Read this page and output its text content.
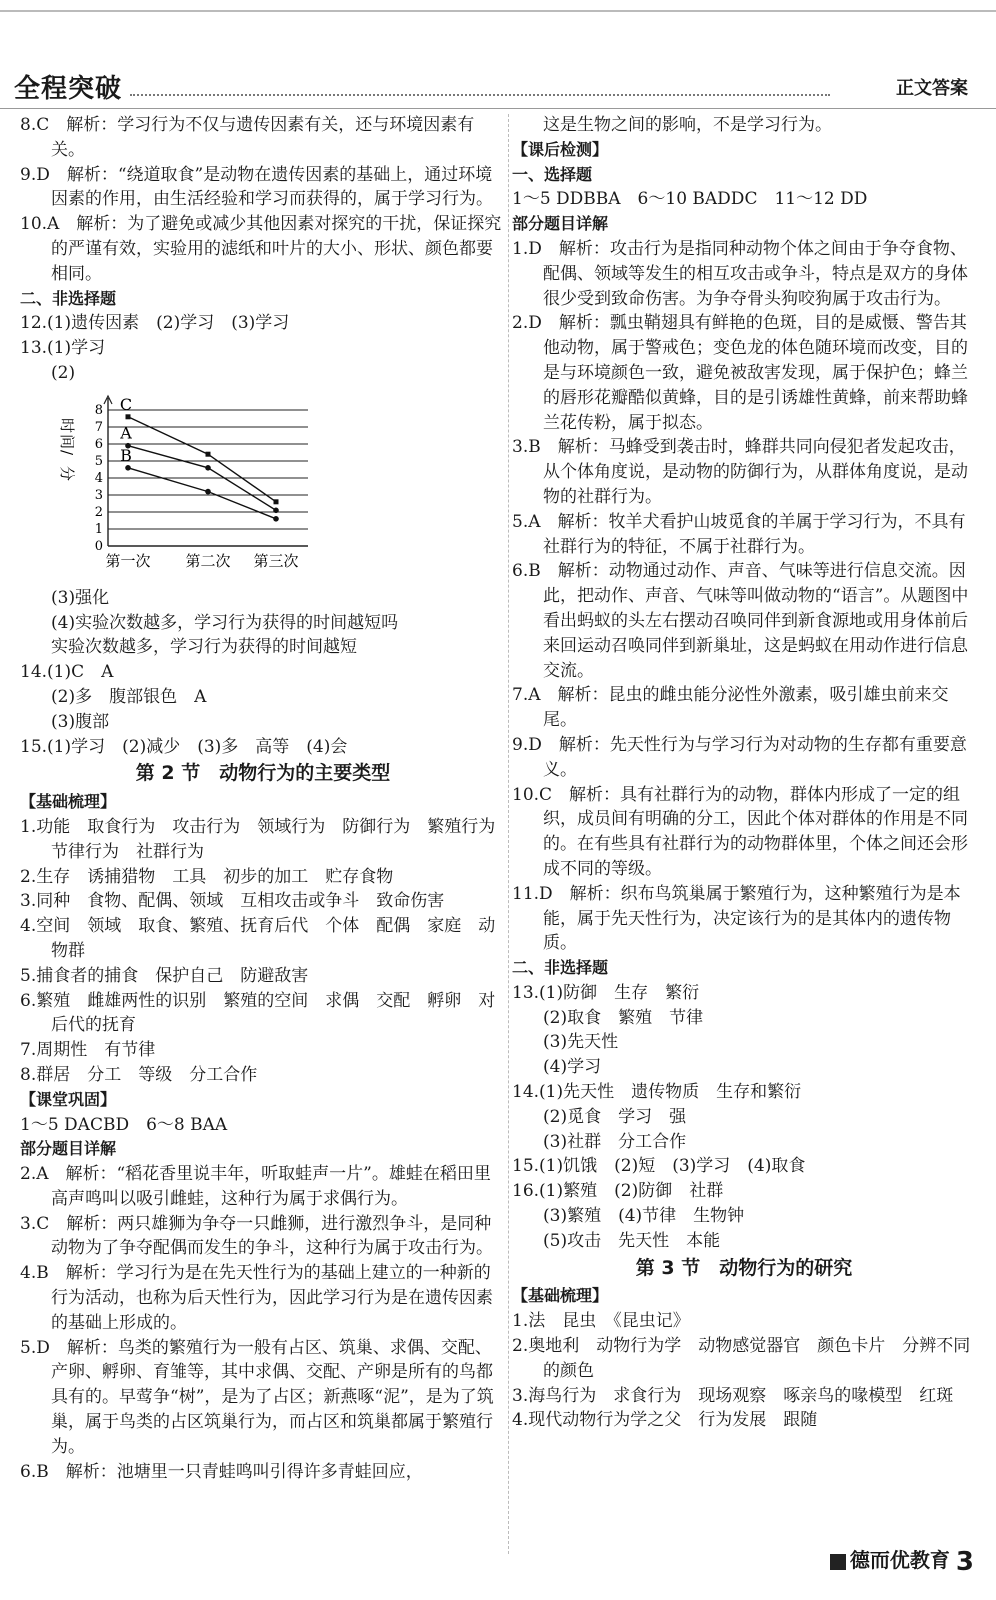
全程突破	正文答案
8.C　解析：学习行为不仅与遗传因素有关，还与环境因素有关。
9.D　解析：“绕道取食”是动物在遗传因素的基础上，通过环境因素的作用，由生活经验和学习而获得的，属于学习行为。
10.A　解析：为了避免或减少其他因素对探究的干扰，保证探究的严谨有效，实验用的滤纸和叶片的大小、形状、颜色都要相同。
二、非选择题
12.(1)遗传因素　(2)学习　(3)学习
13.(1)学习
(2)
0
1
2
3
4
5
6
7
8
时
间
/
分
第一次 第二次 第三次
C
A
B
(3)强化
(4)实验次数越多，学习行为获得的时间越短吗
实验次数越多，学习行为获得的时间越短
14.(1)C　A
(2)多　腹部银色　A
(3)腹部
15.(1)学习　(2)减少　(3)多　高等　(4)会
第 2 节　动物行为的主要类型
【基础梳理】
1.功能　取食行为　攻击行为　领域行为　防御行为　繁殖行为　节律行为　社群行为
2.生存　诱捕猎物　工具　初步的加工　贮存食物
3.同种　食物、配偶、领域　互相攻击或争斗　致命伤害
4.空间　领域　取食、繁殖、抚育后代　个体　配偶　家庭　动物群
5.捕食者的捕食　保护自己　防避敌害
6.繁殖　雌雄两性的识别　繁殖的空间　求偶　交配　孵卵　对后代的抚育
7.周期性　有节律
8.群居　分工　等级　分工合作
【课堂巩固】
1～5 DACBD　6～8 BAA
部分题目详解
2.A　解析：“稻花香里说丰年，听取蛙声一片”。雄蛙在稻田里高声鸣叫以吸引雌蛙，这种行为属于求偶行为。
3.C　解析：两只雄狮为争夺一只雌狮，进行激烈争斗，是同种动物为了争夺配偶而发生的争斗，这种行为属于攻击行为。
4.B　解析：学习行为是在先天性行为的基础上建立的一种新的行为活动，也称为后天性行为，因此学习行为是在遗传因素的基础上形成的。
5.D　解析：鸟类的繁殖行为一般有占区、筑巢、求偶、交配、产卵、孵卵、育雏等，其中求偶、交配、产卵是所有的鸟都具有的。早莺争“树”，是为了占区；新燕啄“泥”，是为了筑巢，属于鸟类的占区筑巢行为，而占区和筑巢都属于繁殖行为。
6.B　解析：池塘里一只青蛙鸣叫引得许多青蛙回应，
这是生物之间的影响，不是学习行为。
【课后检测】
一、选择题
1～5 DDBBA　6～10 BADDC　11～12 DD
部分题目详解
1.D　解析：攻击行为是指同种动物个体之间由于争夺食物、配偶、领域等发生的相互攻击或争斗，特点是双方的身体很少受到致命伤害。为争夺骨头狗咬狗属于攻击行为。
2.D　解析：瓢虫鞘翅具有鲜艳的色斑，目的是威慑、警告其他动物，属于警戒色；变色龙的体色随环境而改变，目的是与环境颜色一致，避免被敌害发现，属于保护色；蜂兰的唇形花瓣酷似黄蜂，目的是引诱雄性黄蜂，前来帮助蜂兰花传粉，属于拟态。
3.B　解析：马蜂受到袭击时，蜂群共同向侵犯者发起攻击，从个体角度说，是动物的防御行为，从群体角度说，是动物的社群行为。
5.A　解析：牧羊犬看护山坡觅食的羊属于学习行为，不具有社群行为的特征，不属于社群行为。
6.B　解析：动物通过动作、声音、气味等进行信息交流。因此，把动作、声音、气味等叫做动物的“语言”。从题图中看出蚂蚁的头左右摆动召唤同伴到新食源地或用身体前后来回运动召唤同伴到新巢址，这是蚂蚁在用动作进行信息交流。
7.A　解析：昆虫的雌虫能分泌性外激素，吸引雄虫前来交尾。
9.D　解析：先天性行为与学习行为对动物的生存都有重要意义。
10.C　解析：具有社群行为的动物，群体内形成了一定的组织，成员间有明确的分工，因此个体对群体的作用是不同的。在有些具有社群行为的动物群体里，个体之间还会形成不同的等级。
11.D　解析：织布鸟筑巢属于繁殖行为，这种繁殖行为是本能，属于先天性行为，决定该行为的是其体内的遗传物质。
二、非选择题
13.(1)防御　生存　繁衍
(2)取食　繁殖　节律
(3)先天性
(4)学习
14.(1)先天性　遗传物质　生存和繁衍
(2)觅食　学习　强
(3)社群　分工合作
15.(1)饥饿　(2)短　(3)学习　(4)取食
16.(1)繁殖　(2)防御　社群
(3)繁殖　(4)节律　生物钟
(5)攻击　先天性　本能
第 3 节　动物行为的研究
【基础梳理】
1.法　昆虫　《昆虫记》
2.奥地利　动物行为学　动物感觉器官　颜色卡片　分辨不同的颜色
3.海鸟行为　求食行为　现场观察　啄亲鸟的喙模型　红斑
4.现代动物行为学之父　行为发展　跟随
德而优教育 3
